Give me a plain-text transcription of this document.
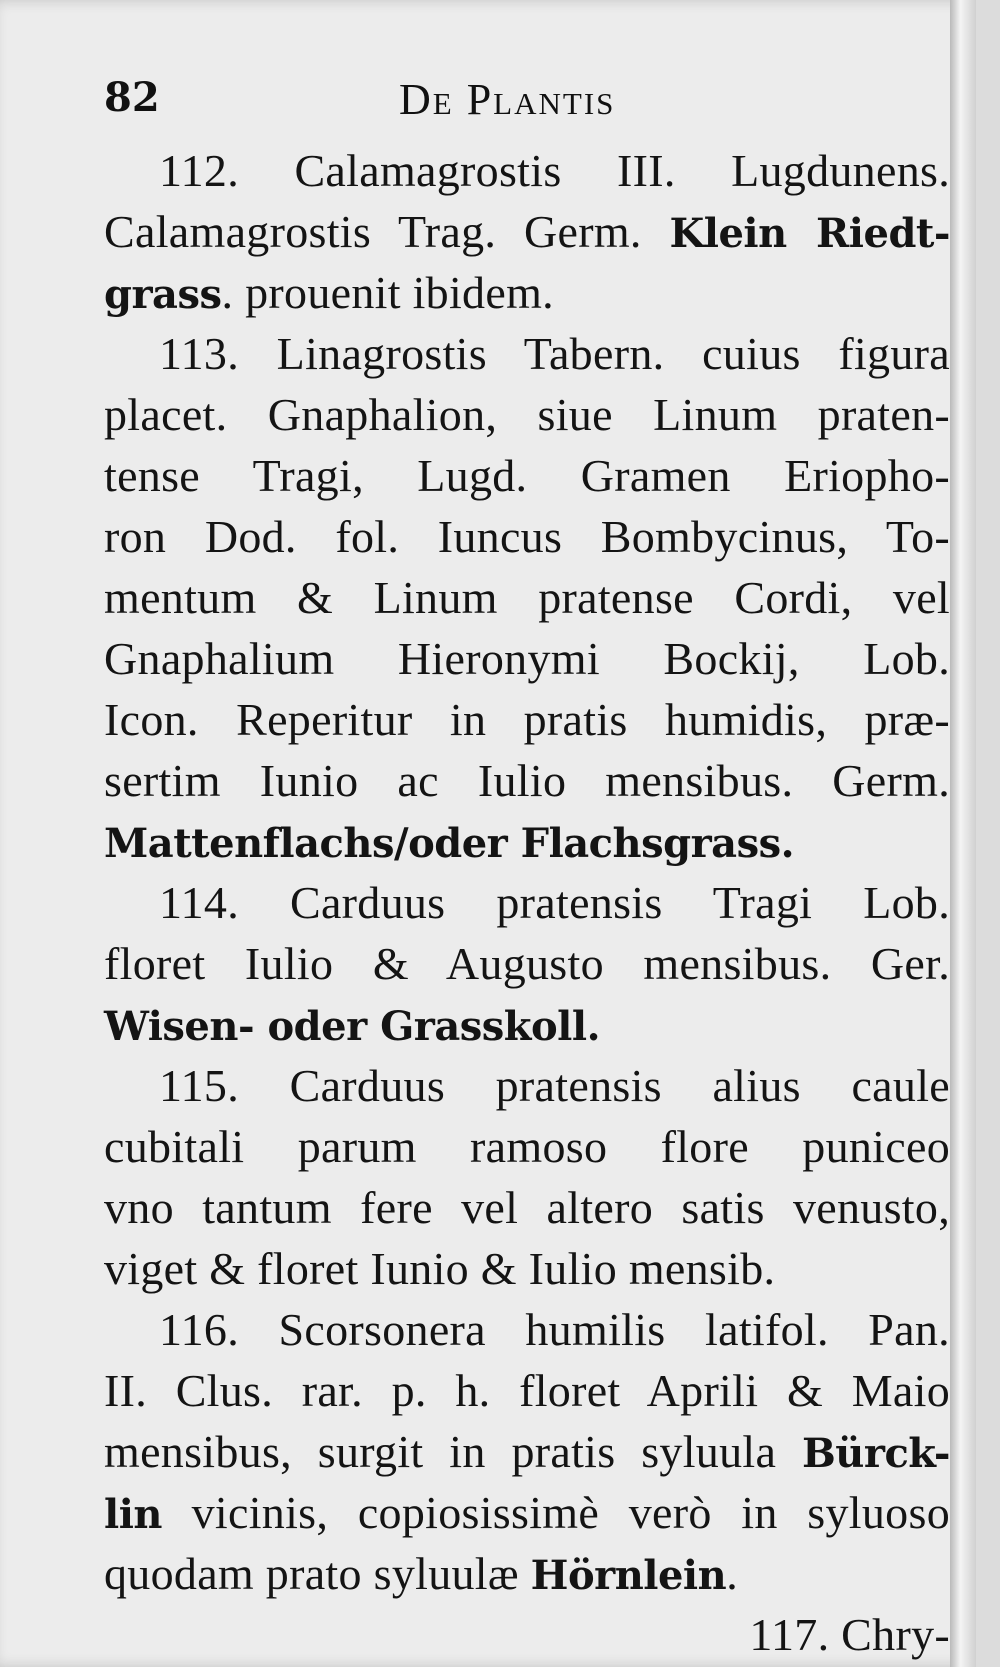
82	De Plantis
112. Calamagrostis III. Lugdunens.
Calamagrostis Trag. Germ. Klein Riedt-
grass. prouenit ibidem.
113. Linagrostis Tabern. cuius figura
placet. Gnaphalion, siue Linum praten-
tense Tragi, Lugd. Gramen Eriopho-
ron Dod. fol. Iuncus Bombycinus, To-
mentum & Linum pratense Cordi, vel
Gnaphalium Hieronymi Bockij, Lob.
Icon. Reperitur in pratis humidis, præ-
sertim Iunio ac Iulio mensibus. Germ.
Mattenflachs/oder Flachsgrass.
114. Carduus pratensis Tragi Lob.
floret Iulio & Augusto mensibus. Ger.
Wisen- oder Grasskoll.
115. Carduus pratensis alius caule
cubitali parum ramoso flore puniceo
vno tantum fere vel altero satis venusto,
viget & floret Iunio & Iulio mensib.
116. Scorsonera humilis latifol. Pan.
II. Clus. rar. p. h. floret Aprili & Maio
mensibus, surgit in pratis syluula Bürck-
lin vicinis, copiosissimè verò in syluoso
quodam prato syluulæ Hörnlein.
117. Chry-
